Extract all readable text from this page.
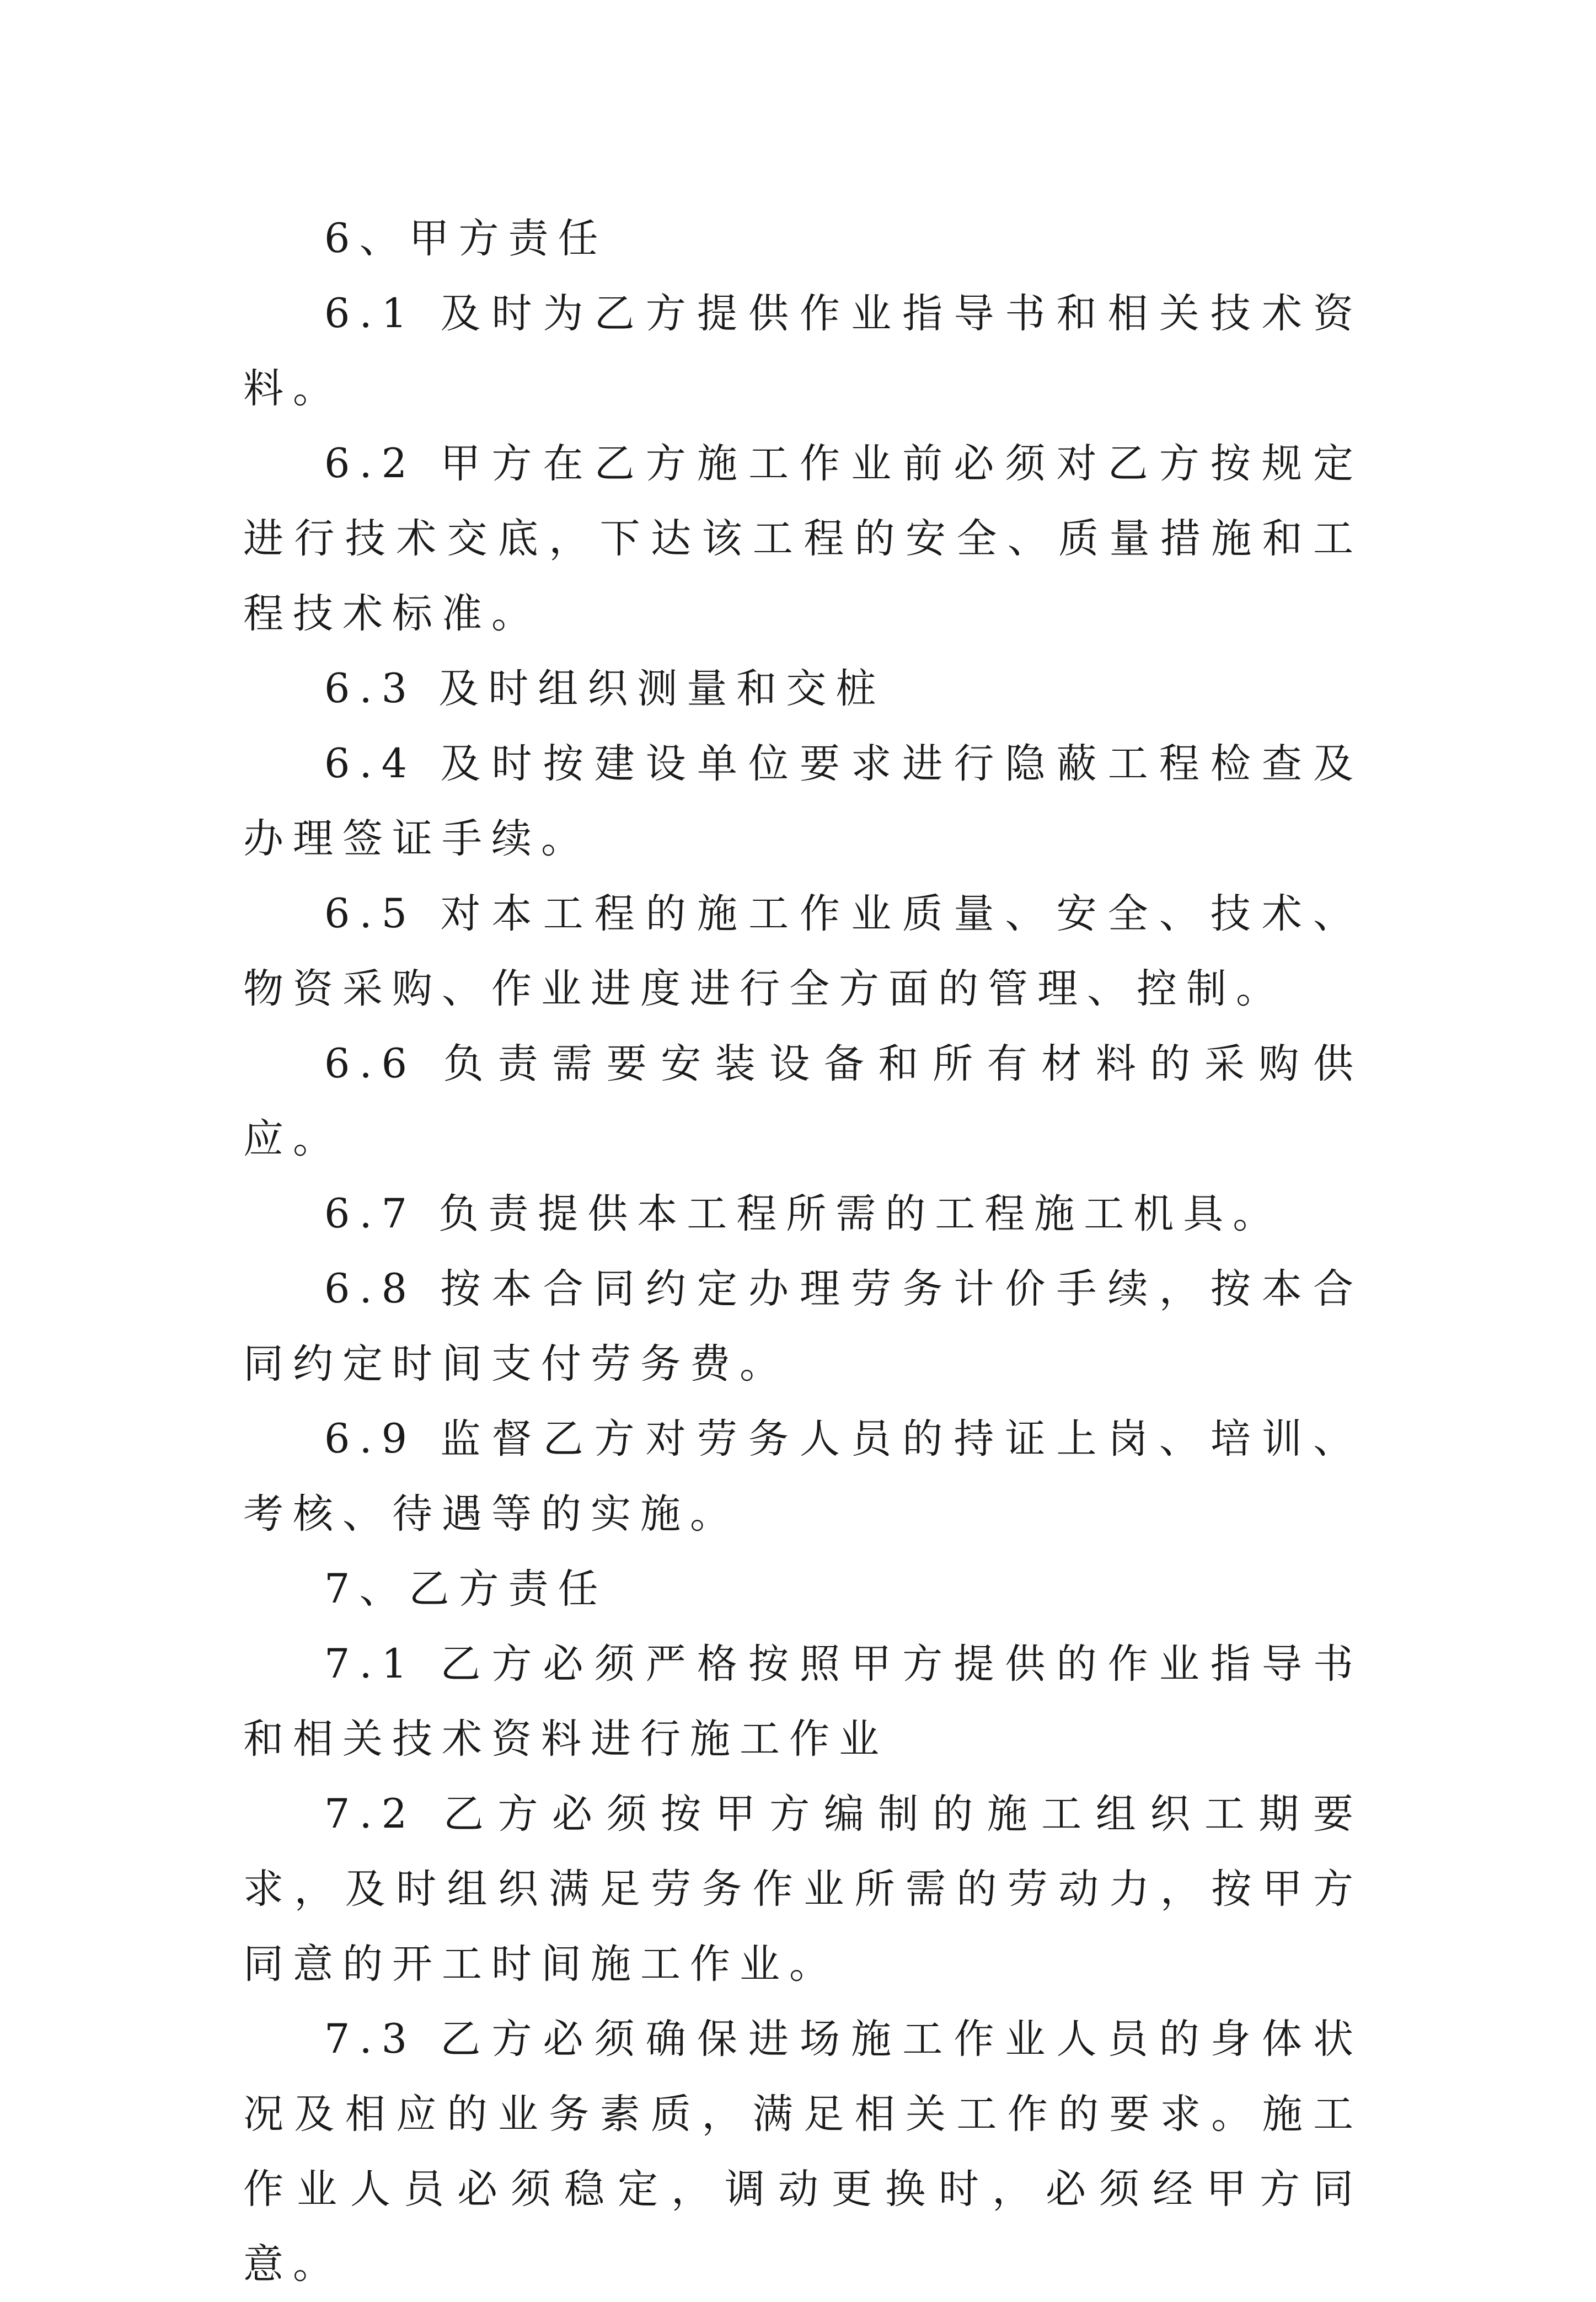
6、甲方责任

6.1 及时为乙方提供作业指导书和相关技术资料。

6.2 甲方在乙方施工作业前必须对乙方按规定进行技术交底，下达该工程的安全、质量措施和工程技术标准。

6.3 及时组织测量和交桩

6.4 及时按建设单位要求进行隐蔽工程检查及办理签证手续。

6.5 对本工程的施工作业质量、安全、技术、物资采购、作业进度进行全方面的管理、控制。

6.6 负责需要安装设备和所有材料的采购供应。

6.7 负责提供本工程所需的工程施工机具。

6.8 按本合同约定办理劳务计价手续，按本合同约定时间支付劳务费。

6.9 监督乙方对劳务人员的持证上岗、培训、考核、待遇等的实施。

7、乙方责任

7.1 乙方必须严格按照甲方提供的作业指导书和相关技术资料进行施工作业

7.2 乙方必须按甲方编制的施工组织工期要求，及时组织满足劳务作业所需的劳动力，按甲方同意的开工时间施工作业。

7.3 乙方必须确保进场施工作业人员的身体状况及相应的业务素质，满足相关工作的要求。施工作业人员必须稳定，调动更换时，必须经甲方同意。
